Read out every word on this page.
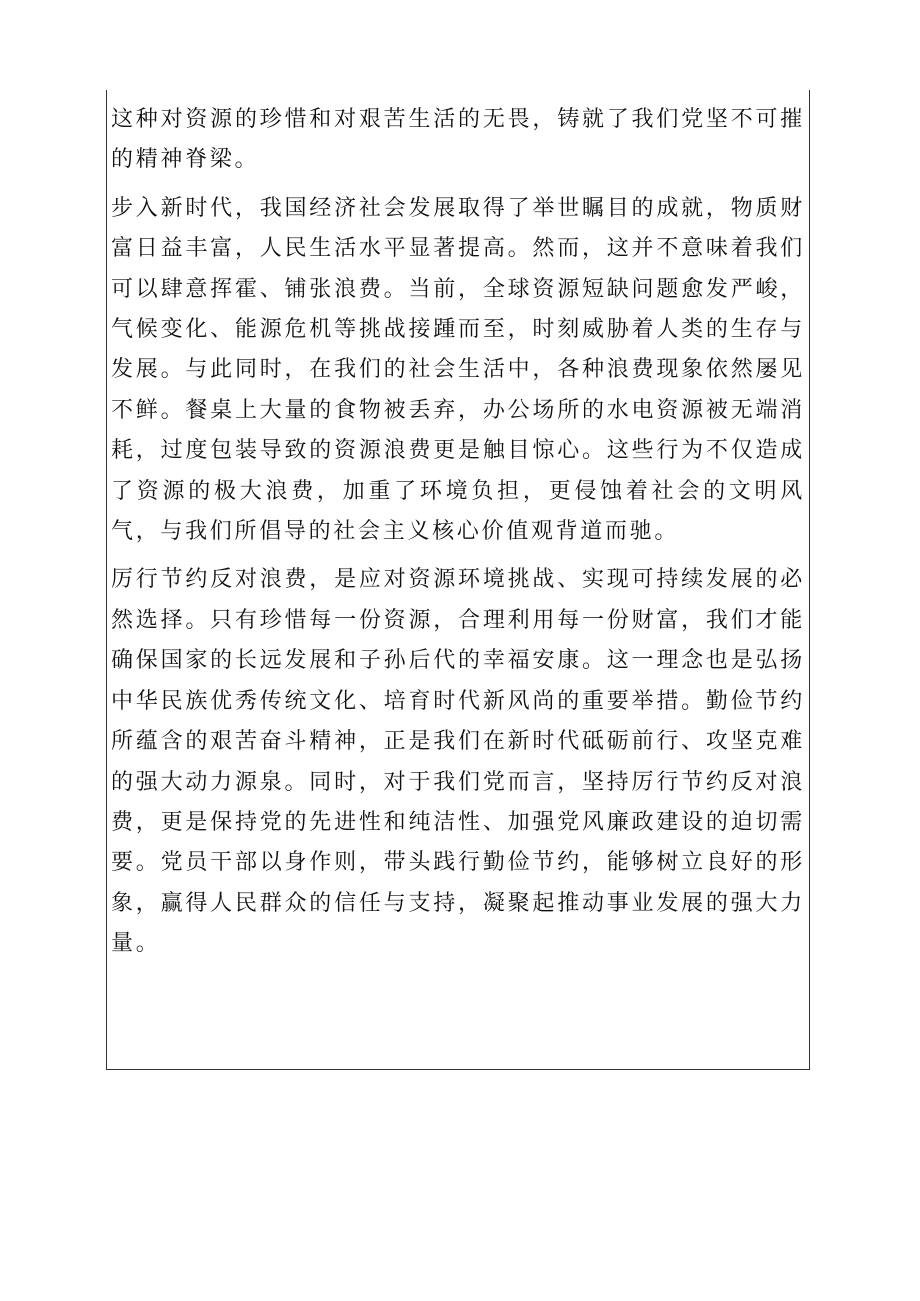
这种对资源的珍惜和对艰苦生活的无畏，铸就了我们党坚不可摧的精神脊梁。

步入新时代，我国经济社会发展取得了举世瞩目的成就，物质财富日益丰富，人民生活水平显著提高。然而，这并不意味着我们可以肆意挥霍、铺张浪费。当前，全球资源短缺问题愈发严峻，气候变化、能源危机等挑战接踵而至，时刻威胁着人类的生存与发展。与此同时，在我们的社会生活中，各种浪费现象依然屡见不鲜。餐桌上大量的食物被丢弃，办公场所的水电资源被无端消耗，过度包装导致的资源浪费更是触目惊心。这些行为不仅造成了资源的极大浪费，加重了环境负担，更侵蚀着社会的文明风气，与我们所倡导的社会主义核心价值观背道而驰。

厉行节约反对浪费，是应对资源环境挑战、实现可持续发展的必然选择。只有珍惜每一份资源，合理利用每一份财富，我们才能确保国家的长远发展和子孙后代的幸福安康。这一理念也是弘扬中华民族优秀传统文化、培育时代新风尚的重要举措。勤俭节约所蕴含的艰苦奋斗精神，正是我们在新时代砥砺前行、攻坚克难的强大动力源泉。同时，对于我们党而言，坚持厉行节约反对浪费，更是保持党的先进性和纯洁性、加强党风廉政建设的迫切需要。党员干部以身作则，带头践行勤俭节约，能够树立良好的形象，赢得人民群众的信任与支持，凝聚起推动事业发展的强大力量。
